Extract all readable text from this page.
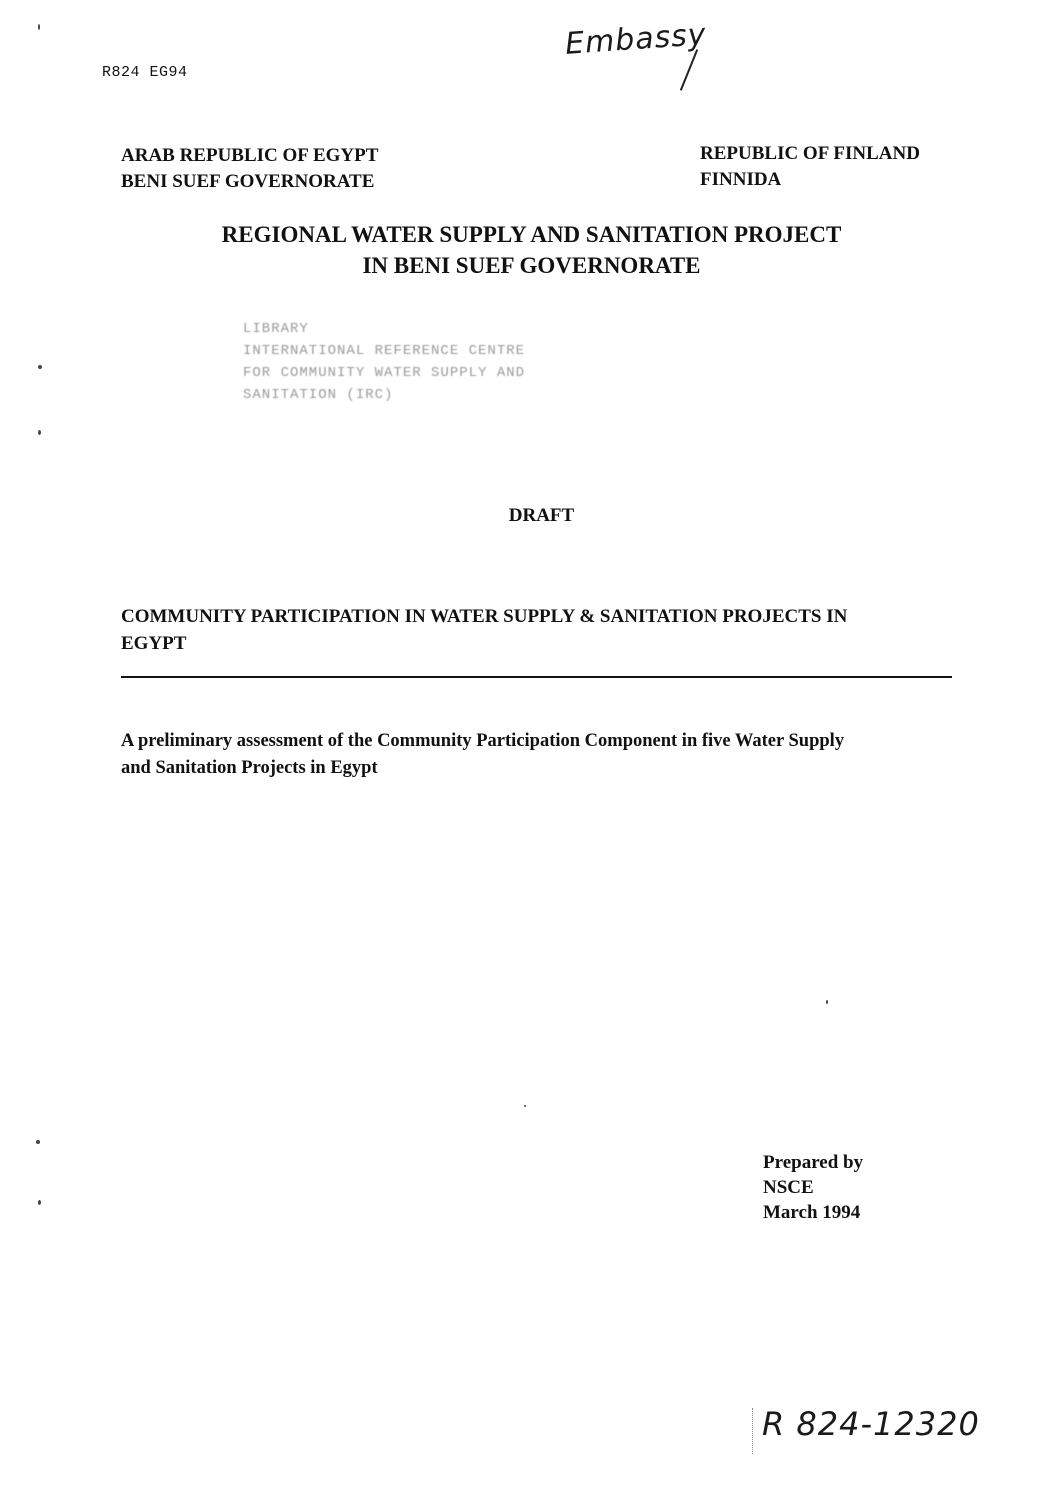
R824 EG94
Embassy
ARAB REPUBLIC OF EGYPT
BENI SUEF GOVERNORATE
REPUBLIC OF FINLAND
FINNIDA
REGIONAL WATER SUPPLY AND SANITATION PROJECT
IN BENI SUEF GOVERNORATE
LIBRARY
INTERNATIONAL REFERENCE CENTRE
FOR COMMUNITY WATER SUPPLY AND
SANITATION (IRC)
DRAFT
COMMUNITY PARTICIPATION IN WATER SUPPLY & SANITATION PROJECTS IN
EGYPT
A preliminary assessment of the Community Participation Component in five Water Supply
and Sanitation Projects in Egypt
Prepared by
NSCE
March 1994
R 824-12320
